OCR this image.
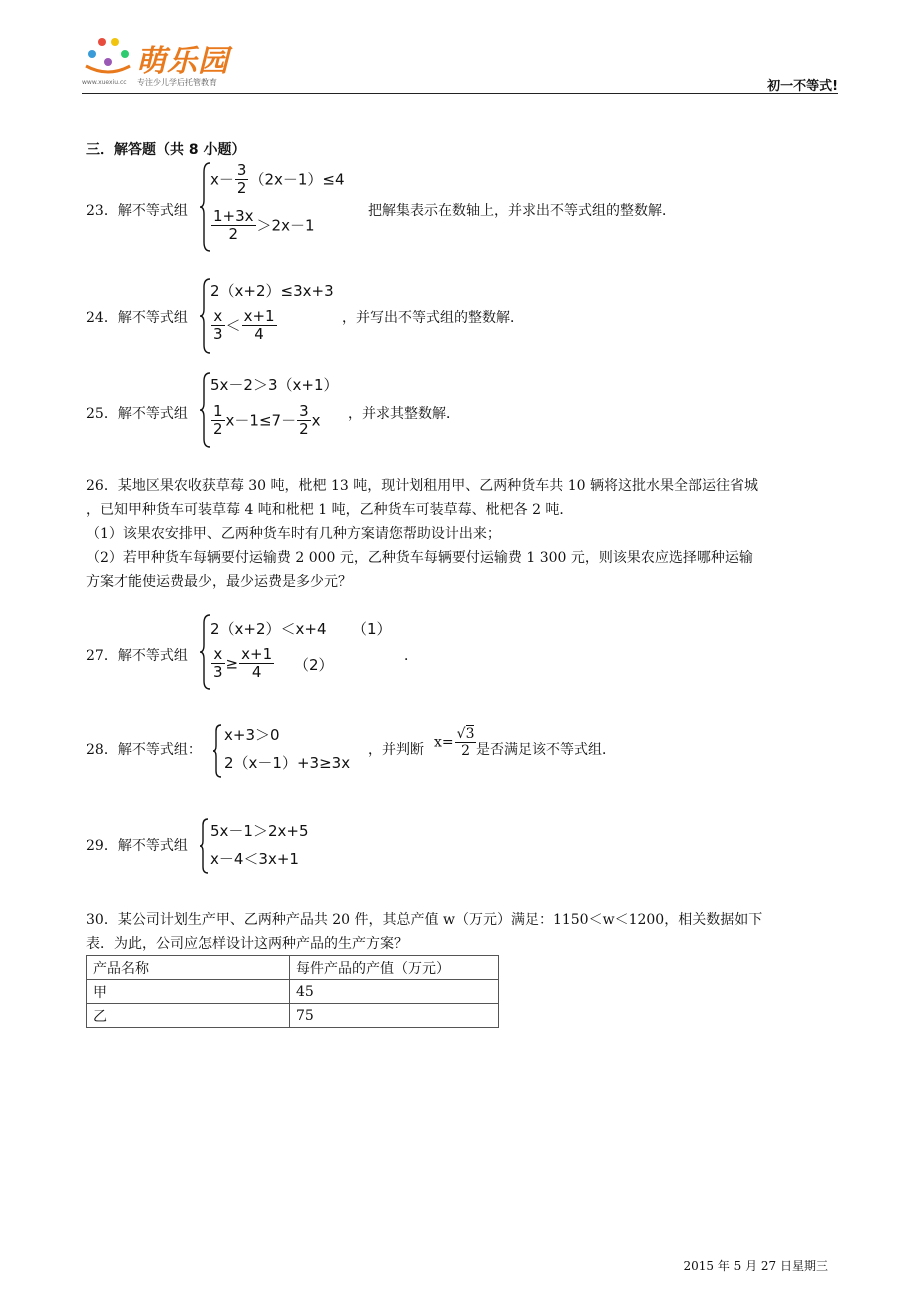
萌乐园
www.xuexiu.cc 专注少儿学后托管教育	初一不等式!
三．解答题（共 8 小题）
23．解不等式组
$x- \frac{3}{2} (2x-1)\le 4$
$\frac{1+3x}{2} >2x-1$
把解集表示在数轴上，并求出不等式组的整数解．
24．解不等式组
2（x+2）≤3x+3
$\frac{x}{3} < \frac{x+1}{4}$	，并写出不等式组的整数解．
25．解不等式组
5x－2＞3（x+1）
$\frac{1}{2} x-1\le 7- \frac{3}{2}$ x ，并求其整数解．
26．某地区果农收获草莓 30 吨，枇杷 13 吨，现计划租用甲、乙两种货车共 10 辆将这批水果全部运往省城
，已知甲种货车可装草莓 4 吨和枇杷 1 吨，乙种货车可装草莓、枇杷各 2 吨．
（1）该果农安排甲、乙两种货车时有几种方案请您帮助设计出来；
（2）若甲种货车每辆要付运输费 2 000 元，乙种货车每辆要付运输费 1 300 元，则该果农应选择哪种运输
方案才能使运费最少，最少运费是多少元？
27．解不等式组
2（x+2）＜x+4 （1）
$\frac{x}{3} \ge \frac{x+1}{4} (2)$	．
28．解不等式组：
x+3＞0
2（x－1）+3≥3x
，并判断 $x= \frac{√3}{2}$ 是否满足该不等式组．
29．解不等式组
5x－1＞2x+5
x－4＜3x+1
30．某公司计划生产甲、乙两种产品共 20 件，其总产值 w（万元）满足：1150＜w＜1200，相关数据如下
表．为此，公司应怎样设计这两种产品的生产方案？
产品名称	每件产品的产值（万元）
甲	45
乙	75
2015 年 5 月 27 日星期三
